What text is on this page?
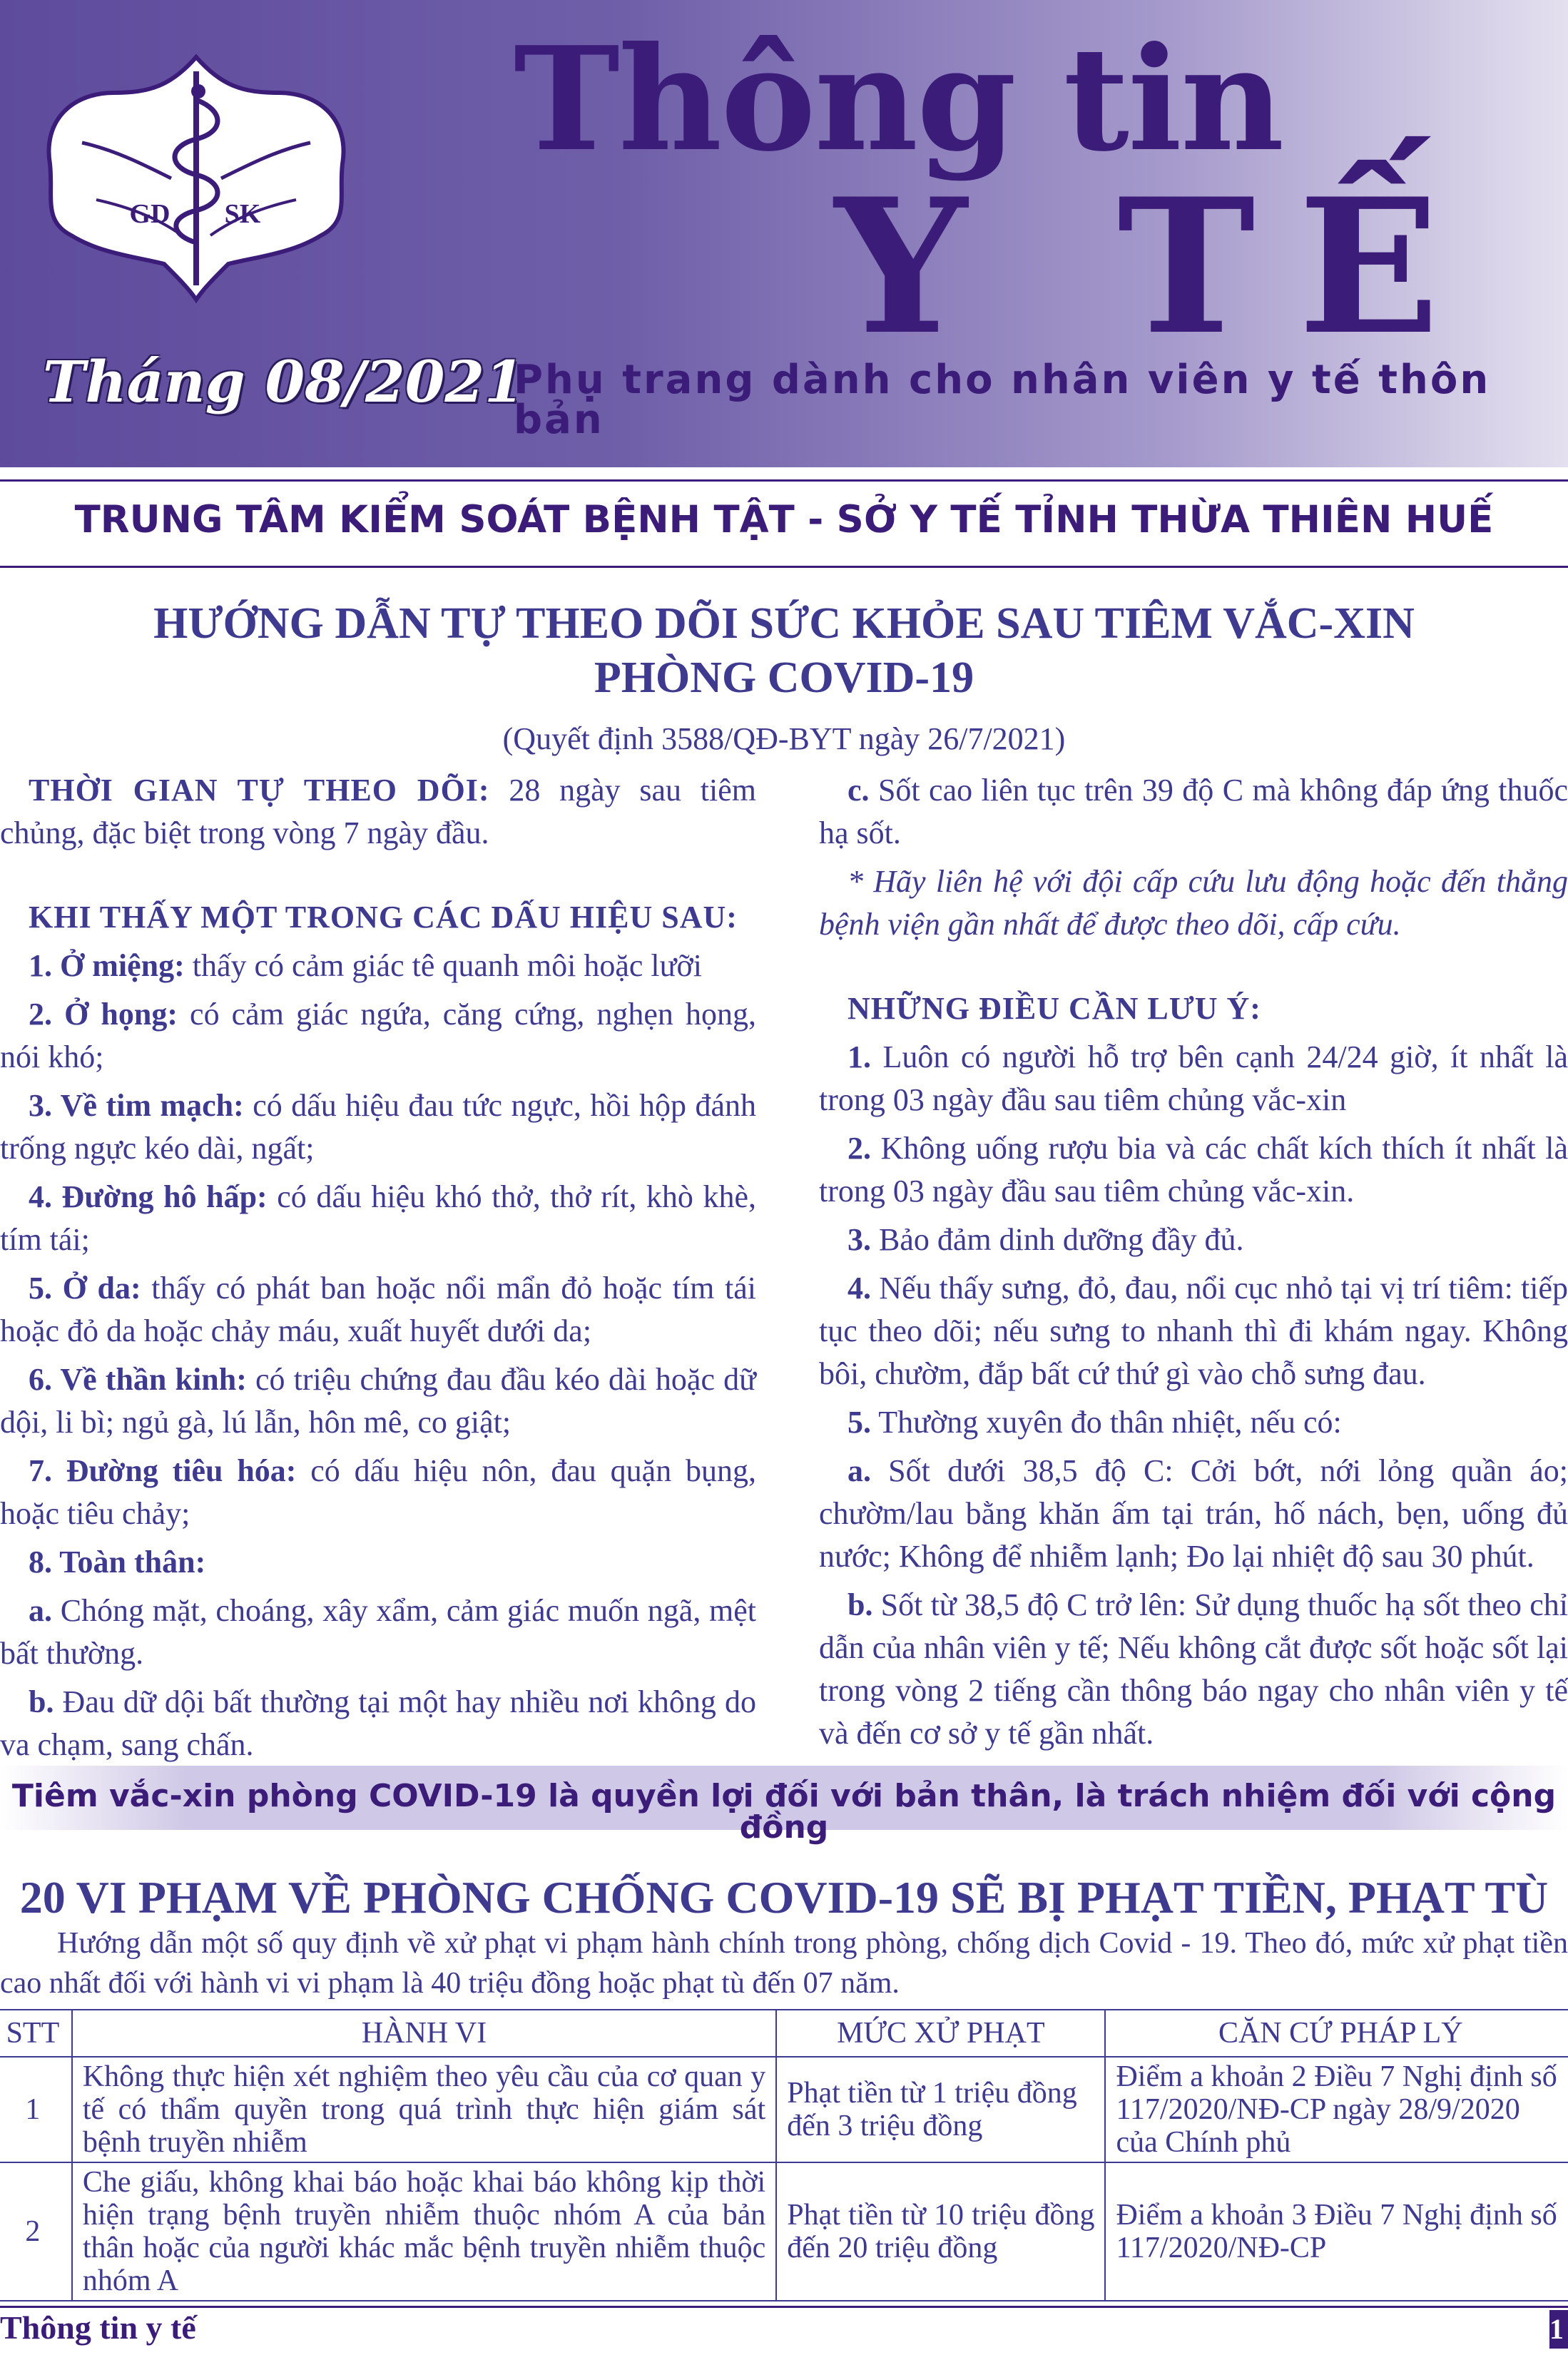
GD SK
Thông tin
Y TẾ
Tháng 08/2021
Phụ trang dành cho nhân viên y tế thôn bản
TRUNG TÂM KIỂM SOÁT BỆNH TẬT - SỞ Y TẾ TỈNH THỪA THIÊN HUẾ
HƯỚNG DẪN TỰ THEO DÕI SỨC KHỎE SAU TIÊM VẮC-XIN
PHÒNG COVID-19
(Quyết định 3588/QĐ-BYT ngày 26/7/2021)

THỜI GIAN TỰ THEO DÕI: 28 ngày sau tiêm chủng, đặc biệt trong vòng 7 ngày đầu.

KHI THẤY MỘT TRONG CÁC DẤU HIỆU SAU:

1. Ở miệng: thấy có cảm giác tê quanh môi hoặc lưỡi

2. Ở họng: có cảm giác ngứa, căng cứng, nghẹn họng, nói khó;

3. Về tim mạch: có dấu hiệu đau tức ngực, hồi hộp đánh trống ngực kéo dài, ngất;

4. Đường hô hấp: có dấu hiệu khó thở, thở rít, khò khè, tím tái;

5. Ở da: thấy có phát ban hoặc nổi mẩn đỏ hoặc tím tái hoặc đỏ da hoặc chảy máu, xuất huyết dưới da;

6. Về thần kinh: có triệu chứng đau đầu kéo dài hoặc dữ dội, li bì; ngủ gà, lú lẫn, hôn mê, co giật;

7. Đường tiêu hóa: có dấu hiệu nôn, đau quặn bụng, hoặc tiêu chảy;

8. Toàn thân:

a. Chóng mặt, choáng, xây xẩm, cảm giác muốn ngã, mệt bất thường.

b. Đau dữ dội bất thường tại một hay nhiều nơi không do va chạm, sang chấn.

c. Sốt cao liên tục trên 39 độ C mà không đáp ứng thuốc hạ sốt.

* Hãy liên hệ với đội cấp cứu lưu động hoặc đến thẳng bệnh viện gần nhất để được theo dõi, cấp cứu.

NHỮNG ĐIỀU CẦN LƯU Ý:

1. Luôn có người hỗ trợ bên cạnh 24/24 giờ, ít nhất là trong 03 ngày đầu sau tiêm chủng vắc-xin

2. Không uống rượu bia và các chất kích thích ít nhất là trong 03 ngày đầu sau tiêm chủng vắc-xin.

3. Bảo đảm dinh dưỡng đầy đủ.

4. Nếu thấy sưng, đỏ, đau, nổi cục nhỏ tại vị trí tiêm: tiếp tục theo dõi; nếu sưng to nhanh thì đi khám ngay. Không bôi, chườm, đắp bất cứ thứ gì vào chỗ sưng đau.

5. Thường xuyên đo thân nhiệt, nếu có:

a. Sốt dưới 38,5 độ C: Cởi bớt, nới lỏng quần áo; chườm/lau bằng khăn ấm tại trán, hố nách, bẹn, uống đủ nước; Không để nhiễm lạnh; Đo lại nhiệt độ sau 30 phút.

b. Sốt từ 38,5 độ C trở lên: Sử dụng thuốc hạ sốt theo chỉ dẫn của nhân viên y tế; Nếu không cắt được sốt hoặc sốt lại trong vòng 2 tiếng cần thông báo ngay cho nhân viên y tế và đến cơ sở y tế gần nhất.

Tiêm vắc-xin phòng COVID-19 là quyền lợi đối với bản thân, là trách nhiệm đối với cộng đồng
20 VI PHẠM VỀ PHÒNG CHỐNG COVID-19 SẼ BỊ PHẠT TIỀN, PHẠT TÙ
Hướng dẫn một số quy định về xử phạt vi phạm hành chính trong phòng, chống dịch Covid - 19. Theo đó, mức xử phạt tiền cao nhất đối với hành vi vi phạm là 40 triệu đồng hoặc phạt tù đến 07 năm.
STT	HÀNH VI	MỨC XỬ PHẠT	CĂN CỨ PHÁP LÝ
1	Không thực hiện xét nghiệm theo yêu cầu của cơ quan y tế có thẩm quyền trong quá trình thực hiện giám sát bệnh truyền nhiễm	Phạt tiền từ 1 triệu đồng đến 3 triệu đồng	Điểm a khoản 2 Điều 7 Nghị định số 117/2020/NĐ-CP ngày 28/9/2020 của Chính phủ
2	Che giấu, không khai báo hoặc khai báo không kịp thời hiện trạng bệnh truyền nhiễm thuộc nhóm A của bản thân hoặc của người khác mắc bệnh truyền nhiễm thuộc nhóm A	Phạt tiền từ 10 triệu đồng đến 20 triệu đồng	Điểm a khoản 3 Điều 7 Nghị định số 117/2020/NĐ-CP
Thông tin y tế	1
